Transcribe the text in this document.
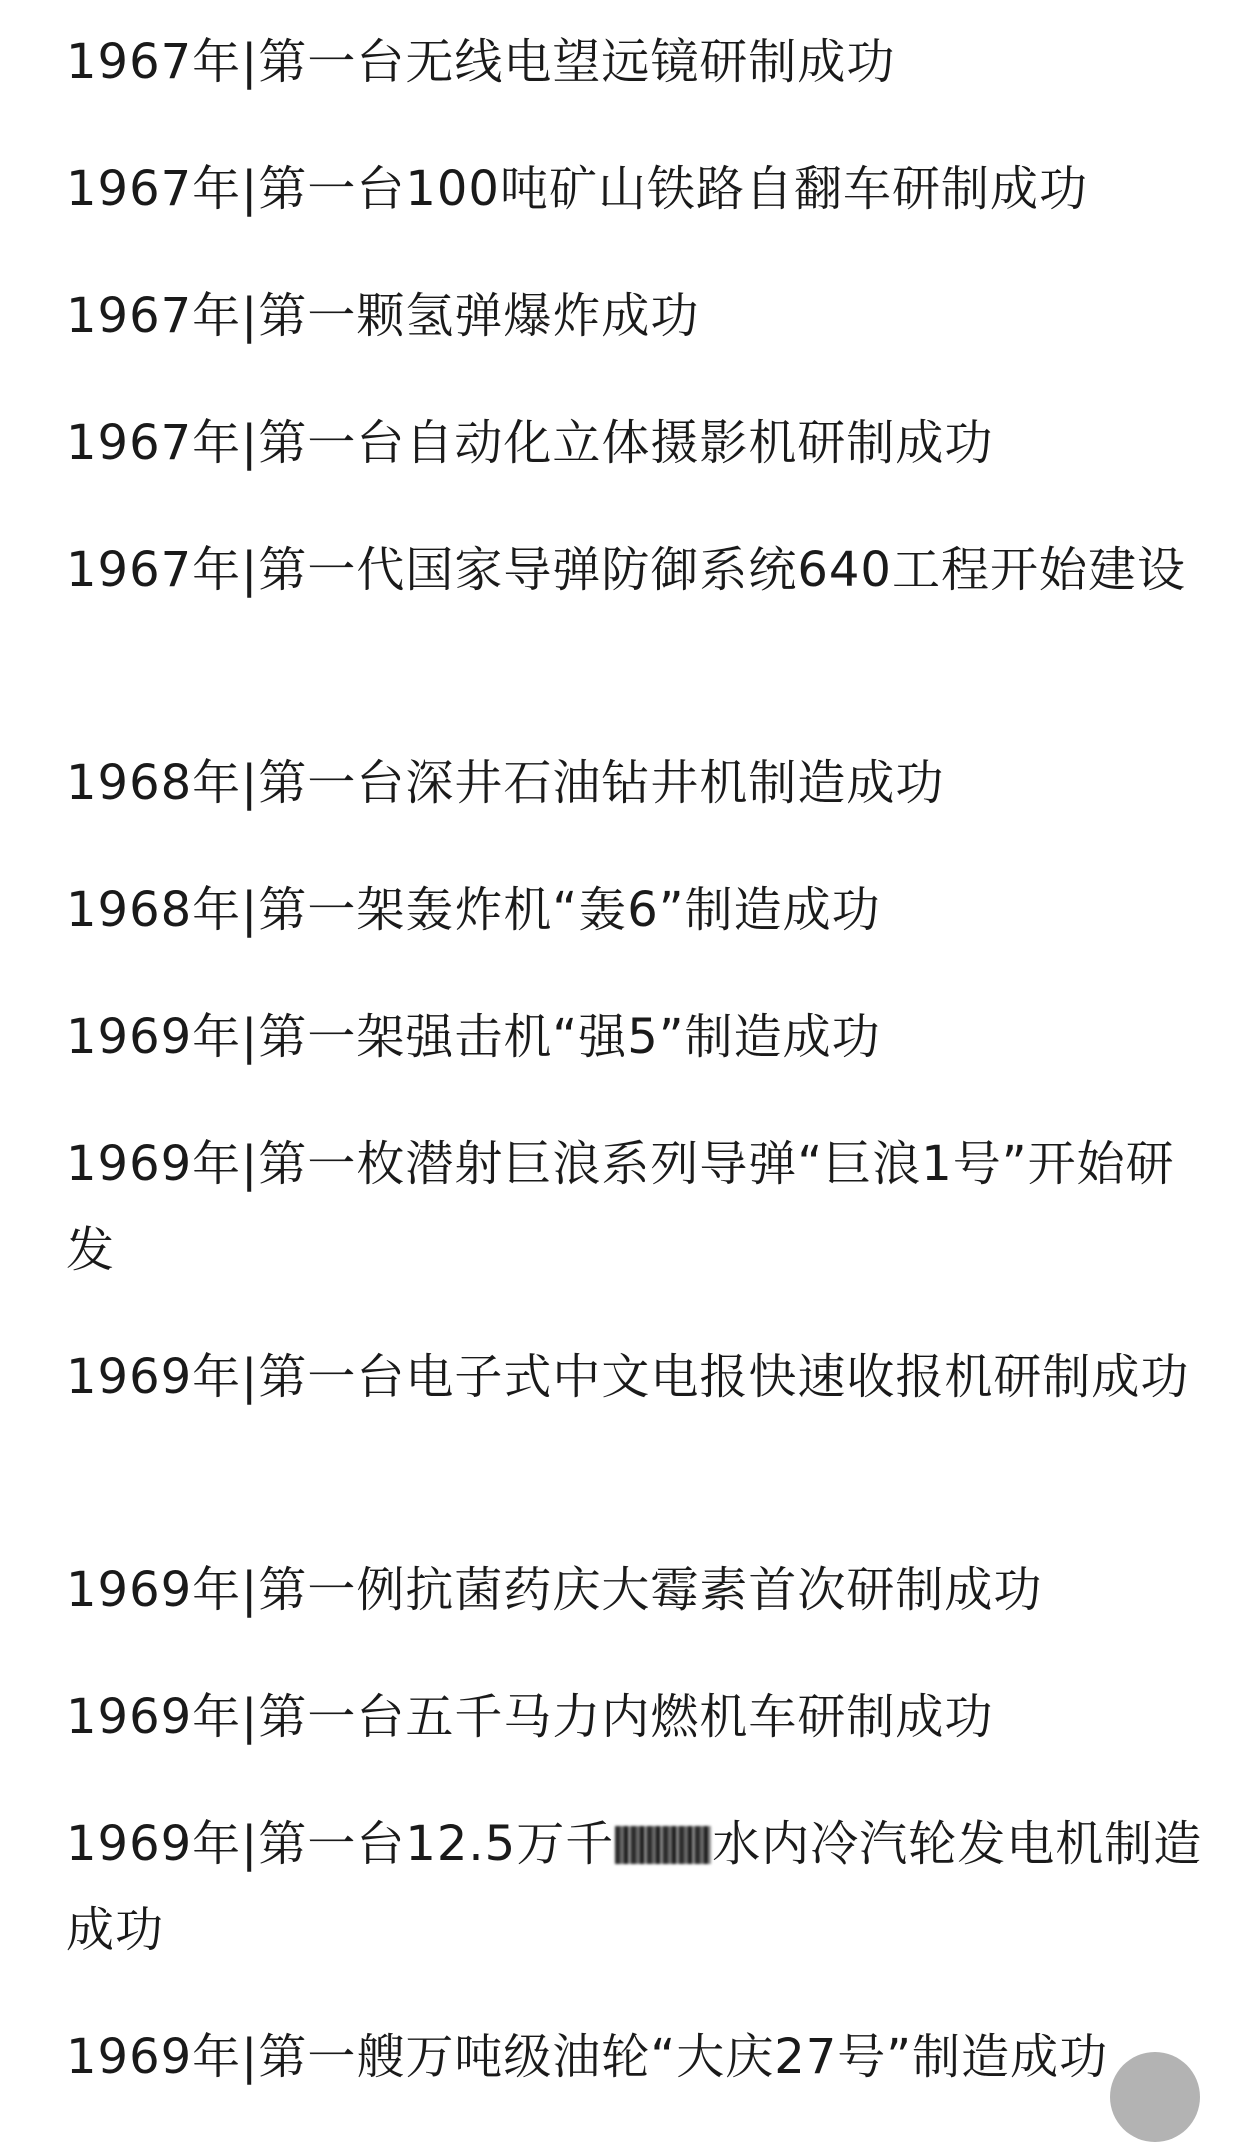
1967年|第一台无线电望远镜研制成功
1967年|第一台100吨矿山铁路自翻车研制成功
1967年|第一颗氢弹爆炸成功
1967年|第一台自动化立体摄影机研制成功
1967年|第一代国家导弹防御系统640工程开始建设
1968年|第一台深井石油钻井机制造成功
1968年|第一架轰炸机“轰6”制造成功
1969年|第一架强击机“强5”制造成功
1969年|第一枚潜射巨浪系列导弹“巨浪1号”开始研发
1969年|第一台电子式中文电报快速收报机研制成功
1969年|第一例抗菌药庆大霉素首次研制成功
1969年|第一台五千马力内燃机车研制成功
1969年|第一台12.5万千 水内冷汽轮发电机制造成功
1969年|第一艘万吨级油轮“大庆27号”制造成功
